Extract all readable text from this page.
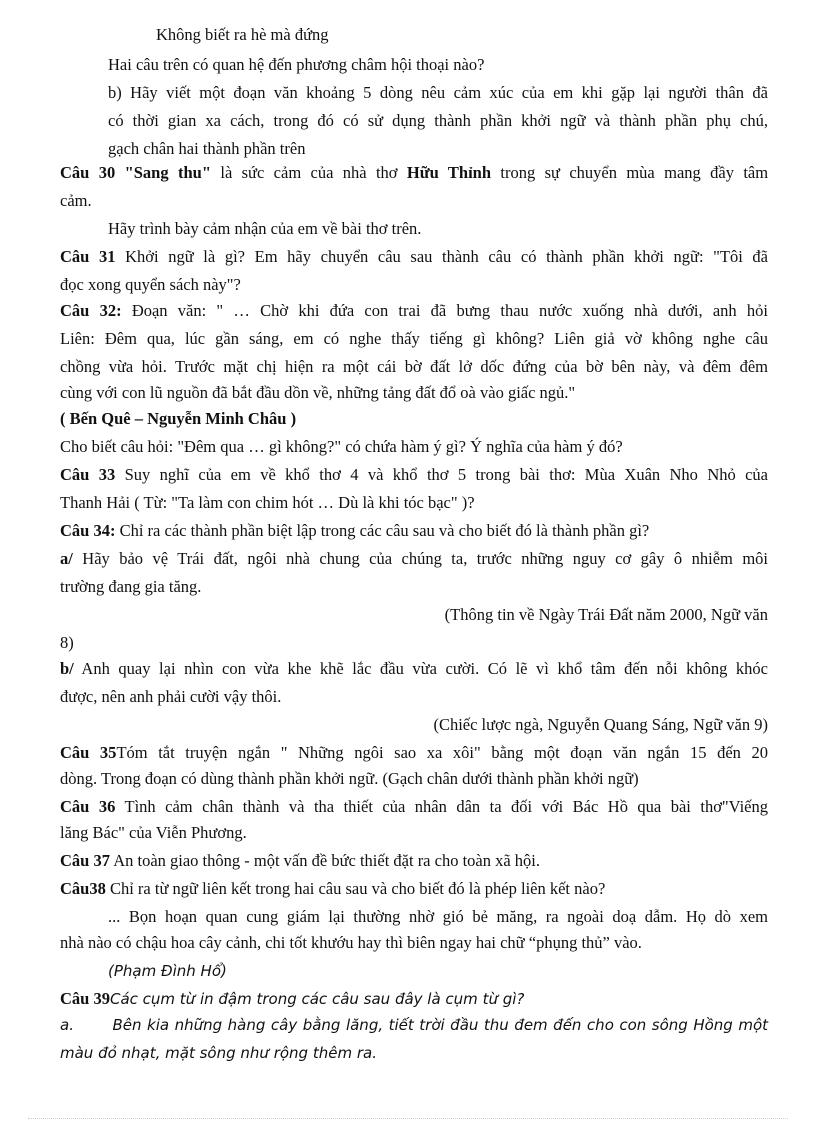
Không biết ra hè mà đứng
Hai câu trên có quan hệ đến phương châm hội thoại nào?
b) Hãy viết một đoạn văn khoảng 5 dòng nêu cảm xúc của em khi gặp lại người thân đã
có thời gian xa cách, trong đó có sử dụng thành phần khởi ngữ và thành phần phụ chú,
gạch chân hai thành phần trên
Câu 30 "Sang thu" là sức cảm của nhà thơ Hữu Thỉnh trong sự chuyển mùa mang đầy tâm
cảm.
Hãy trình bày cảm nhận của em về bài thơ trên.
Câu 31 Khởi ngữ là gì? Em hãy chuyển câu sau thành câu có thành phần khởi ngữ: "Tôi đã
đọc xong quyển sách này"?
Câu 32: Đoạn văn: " … Chờ khi đứa con trai đã bưng thau nước xuống nhà dưới, anh hỏi
Liên: Đêm qua, lúc gần sáng, em có nghe thấy tiếng gì không? Liên giả vờ không nghe câu
chồng vừa hỏi. Trước mặt chị hiện ra một cái bờ đất lở dốc đứng của bờ bên này, và đêm đêm
cùng với con lũ nguồn đã bắt đầu dồn về, những tảng đất đổ oà vào giấc ngủ."
( Bến Quê – Nguyễn Minh Châu )
Cho biết câu hỏi: "Đêm qua … gì không?" có chứa hàm ý gì? Ý nghĩa của hàm ý đó?
Câu 33 Suy nghĩ của em về khổ thơ 4 và khổ thơ 5 trong bài thơ: Mùa Xuân Nho Nhỏ của
Thanh Hải ( Từ: "Ta làm con chim hót … Dù là khi tóc bạc" )?
Câu 34: Chỉ ra các thành phần biệt lập trong các câu sau và cho biết đó là thành phần gì?
a/ Hãy bảo vệ Trái đất, ngôi nhà chung của chúng ta, trước những nguy cơ gây ô nhiễm môi
trường đang gia tăng.
(Thông tin về Ngày Trái Đất năm 2000, Ngữ văn
8)
b/ Anh quay lại nhìn con vừa khe khẽ lắc đầu vừa cười. Có lẽ vì khổ tâm đến nỗi không khóc
được, nên anh phải cười vậy thôi.
(Chiếc lược ngà, Nguyễn Quang Sáng, Ngữ văn 9)
Câu 35Tóm tắt truyện ngắn " Những ngôi sao xa xôi" bằng một đoạn văn ngắn 15 đến 20
dòng. Trong đoạn có dùng thành phần khởi ngữ. (Gạch chân dưới thành phần khởi ngữ)
Câu 36 Tình cảm chân thành và tha thiết của nhân dân ta đối với Bác Hồ qua bài thơ"Viếng
lăng Bác" của Viễn Phương.
Câu 37 An toàn giao thông - một vấn đề bức thiết đặt ra cho toàn xã hội.
Câu38 Chỉ ra từ ngữ liên kết trong hai câu sau và cho biết đó là phép liên kết nào?
... Bọn hoạn quan cung giám lại thường nhờ gió bẻ măng, ra ngoài doạ dẫm. Họ dò xem
nhà nào có chậu hoa cây cảnh, chi tốt khướu hay thì biên ngay hai chữ “phụng thủ” vào.
(Phạm Đình Hổ)
Câu 39Các cụm từ in đậm trong các câu sau đây là cụm từ gì?
a.       Bên kia những hàng cây bằng lăng, tiết trời đầu thu đem đến cho con sông Hồng một
màu đỏ nhạt, mặt sông như rộng thêm ra.
